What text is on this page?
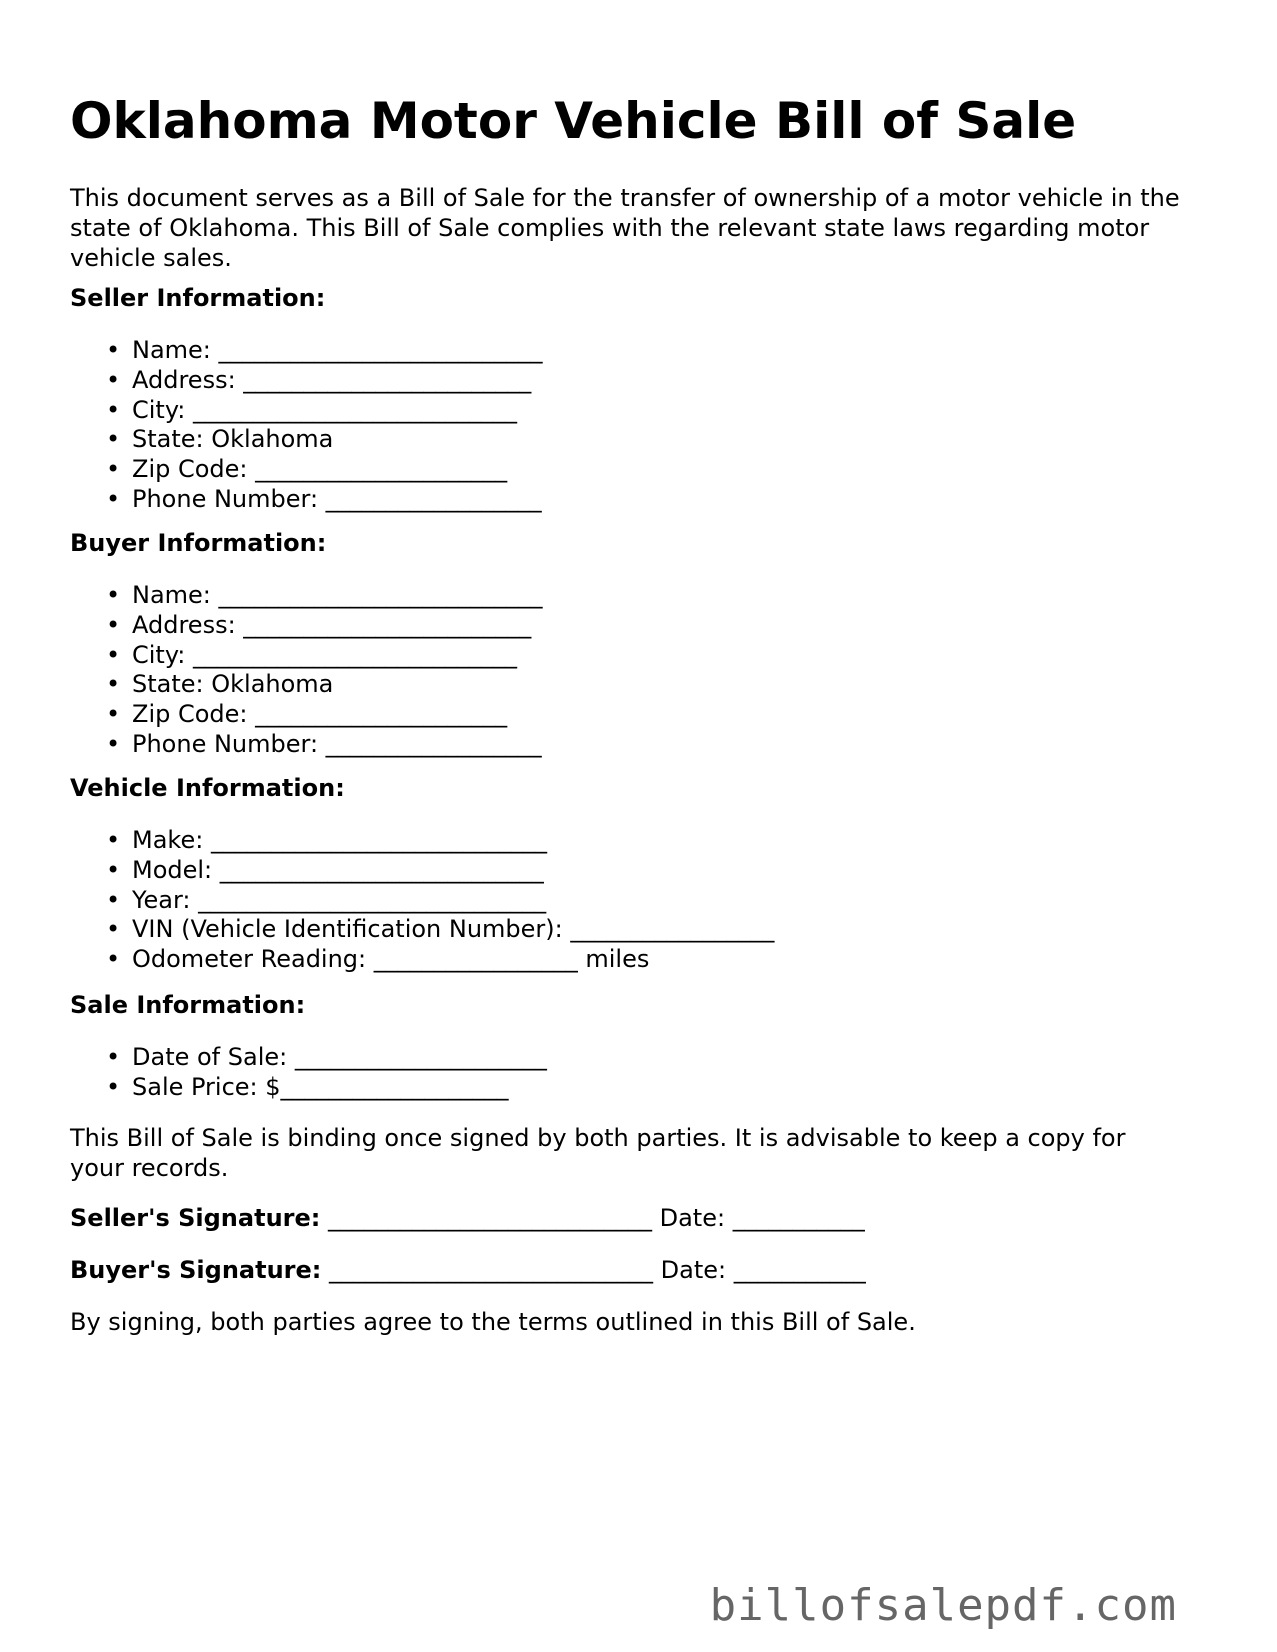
Oklahoma Motor Vehicle Bill of Sale

This document serves as a Bill of Sale for the transfer of ownership of a motor vehicle in the state of Oklahoma. This Bill of Sale complies with the relevant state laws regarding motor vehicle sales.

Seller Information:
• Name: ___________________________
• Address: ________________________
• City: ___________________________
• State: Oklahoma
• Zip Code: _____________________
• Phone Number: __________________
Buyer Information:
• Name: ___________________________
• Address: ________________________
• City: ___________________________
• State: Oklahoma
• Zip Code: _____________________
• Phone Number: __________________
Vehicle Information:
• Make: ____________________________
• Model: ___________________________
• Year: _____________________________
• VIN (Vehicle Identification Number): _________________
• Odometer Reading: _________________ miles
Sale Information:
• Date of Sale: _____________________
• Sale Price: $___________________

This Bill of Sale is binding once signed by both parties. It is advisable to keep a copy for your records.

Seller's Signature: ___________________________ Date: ___________

Buyer's Signature: ___________________________ Date: ___________

By signing, both parties agree to the terms outlined in this Bill of Sale.

billofsalepdf.com
